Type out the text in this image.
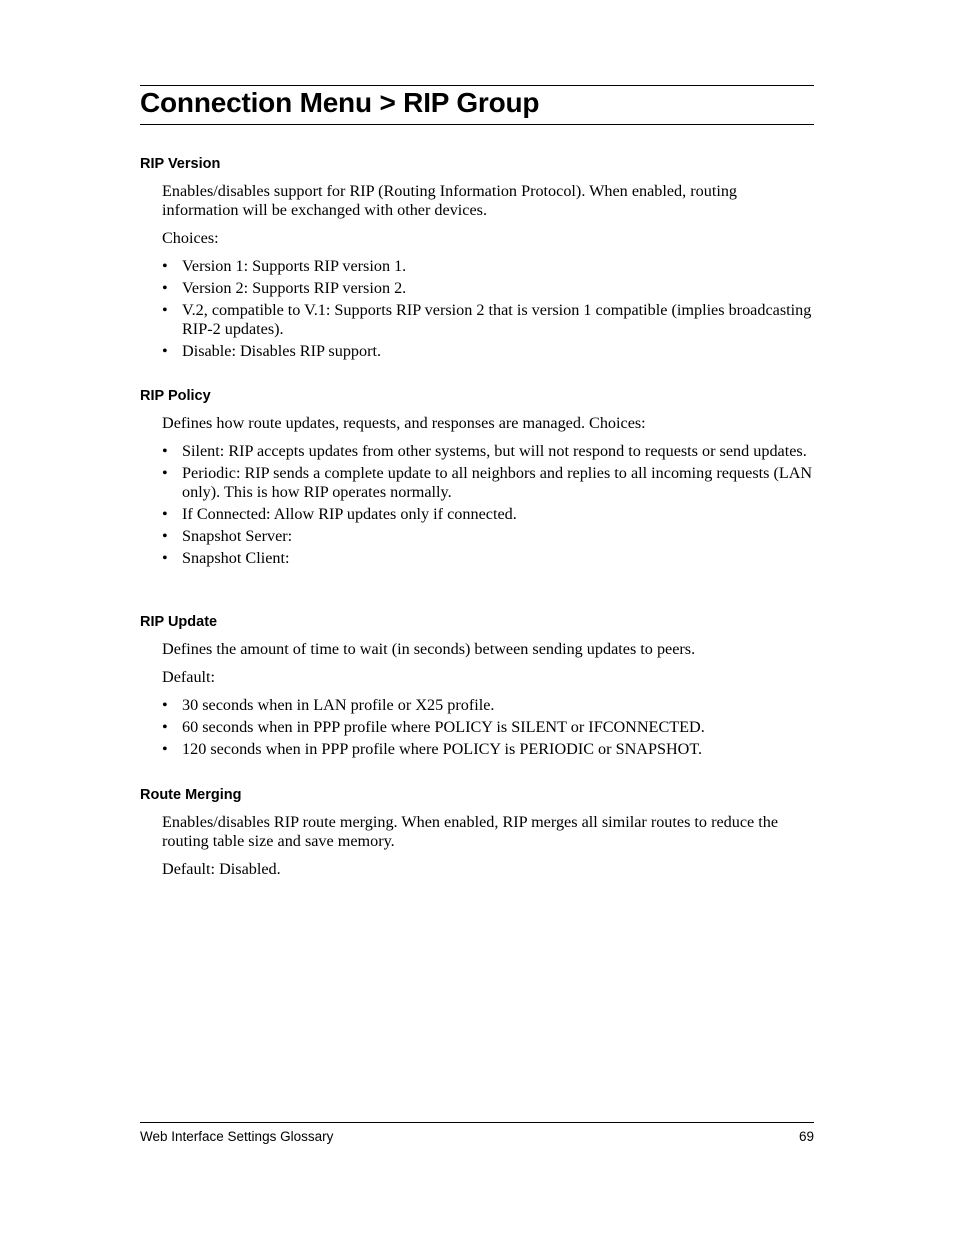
Connection Menu > RIP Group
RIP Version

Enables/disables support for RIP (Routing Information Protocol). When enabled, routing information will be exchanged with other devices.

Choices:

• Version 1: Supports RIP version 1.
• Version 2: Supports RIP version 2.
• V.2, compatible to V.1: Supports RIP version 2 that is version 1 compatible (implies broadcasting RIP-2 updates).
• Disable: Disables RIP support.
RIP Policy

Defines how route updates, requests, and responses are managed. Choices:

• Silent: RIP accepts updates from other systems, but will not respond to requests or send updates.
• Periodic: RIP sends a complete update to all neighbors and replies to all incoming requests (LAN only). This is how RIP operates normally.
• If Connected: Allow RIP updates only if connected.
• Snapshot Server:
• Snapshot Client:
RIP Update

Defines the amount of time to wait (in seconds) between sending updates to peers.

Default:

• 30 seconds when in LAN profile or X25 profile.
• 60 seconds when in PPP profile where POLICY is SILENT or IFCONNECTED.
• 120 seconds when in PPP profile where POLICY is PERIODIC or SNAPSHOT.
Route Merging

Enables/disables RIP route merging. When enabled, RIP merges all similar routes to reduce the routing table size and save memory.

Default: Disabled.

Web Interface Settings Glossary	69
